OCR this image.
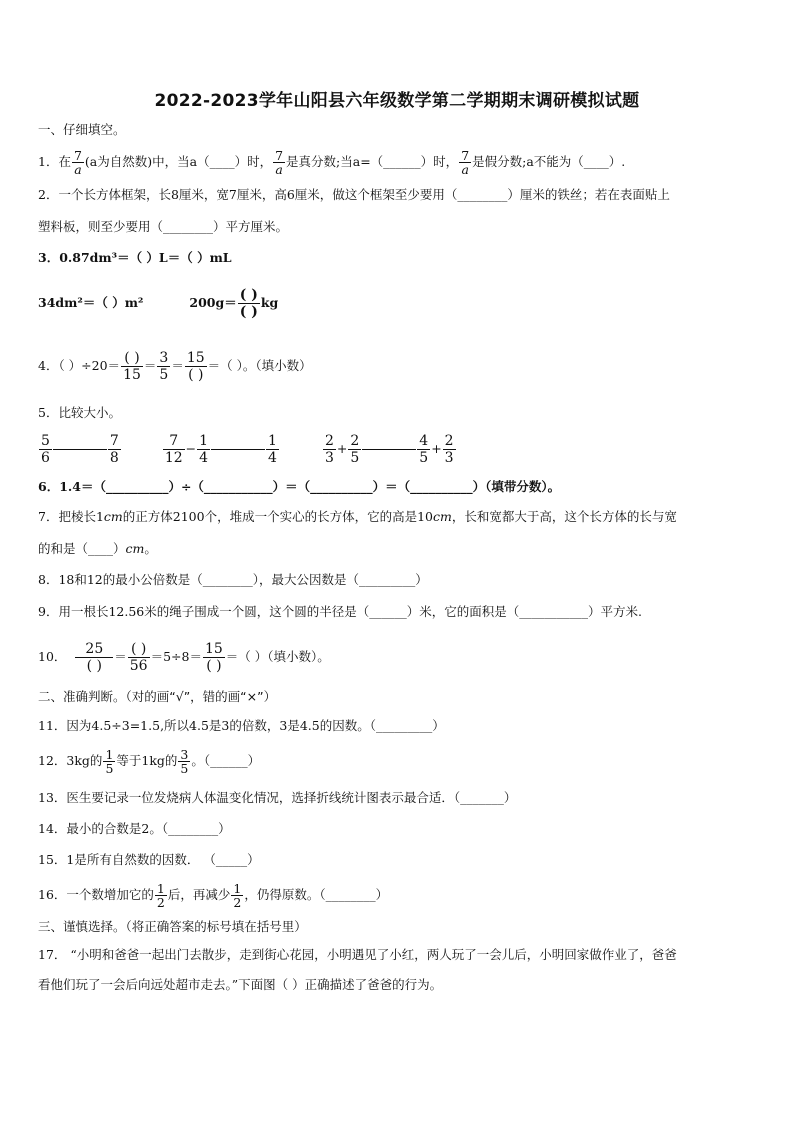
2022-2023学年山阳县六年级数学第二学期期末调研模拟试题
一、仔细填空。
1．在 $\frac{7}{a} (a$为自然数)中，当a（____）时， $\frac{7}{a}$ 是真分数;当a=（______）时， $\frac{7}{a}$ 是假分数;a不能为（____）.
2．一个长方体框架，长8厘米，宽7厘米，高6厘米，做这个框架至少要用（________）厘米的铁丝；若在表面贴上
塑料板，则至少要用（________）平方厘米。
3．0.87dm³＝（ ）L＝（ ）mL
34dm²＝（ ）m²	$200g= \frac{( )}{( )}$ kg
4．（ ）$\div 20= \frac{( )}{15} = \frac{3}{5} = \frac{15}{( )}$ ＝（ ）。（填小数）
5．比较大小。
$\frac{5}{6}$	$\frac{7}{8}$
	$\frac{7}{12} - \frac{1}{4}$	$\frac{1}{4}$
	$\frac{2}{3} + \frac{2}{5}$	$\frac{4}{5} + \frac{2}{3}$
6．1.4＝（__________）÷（___________）＝（__________）＝（__________）（填带分数）。
7．把棱长1cm的正方体2100个，堆成一个实心的长方体，它的高是10cm，长和宽都大于高，这个长方体的长与宽
的和是（____）cm。
8．18和12的最小公倍数是（________），最大公因数是（_________）
9．用一根长12.56米的绳子围成一个圆，这个圆的半径是（______）米，它的面积是（___________）平方米.
10． $\frac{25}{( )} = \frac{( )}{56} =5\div 8= \frac{15}{( )}$ ＝（ ）（填小数）。
二、准确判断。（对的画“√”，错的画“×”）
11．因为4.5÷3=1.5,所以4.5是3的倍数，3是4.5的因数。（_________）
12．3kg的 $\frac{1}{5}$ 等于1kg的 $\frac{3}{5}$ 。（______）
13．医生要记录一位发烧病人体温变化情况，选择折线统计图表示最合适．（_______）
14．最小的合数是2。（________）
15．1是所有自然数的因数． （_____）
16．一个数增加它的 $\frac{1}{2}$ 后，再减少 $\frac{1}{2}$ ，仍得原数。（________）
三、谨慎选择。（将正确答案的标号填在括号里）
17． “小明和爸爸一起出门去散步，走到街心花园，小明遇见了小红，两人玩了一会儿后，小明回家做作业了，爸爸
看他们玩了一会后向远处超市走去。”下面图（ ）正确描述了爸爸的行为。
